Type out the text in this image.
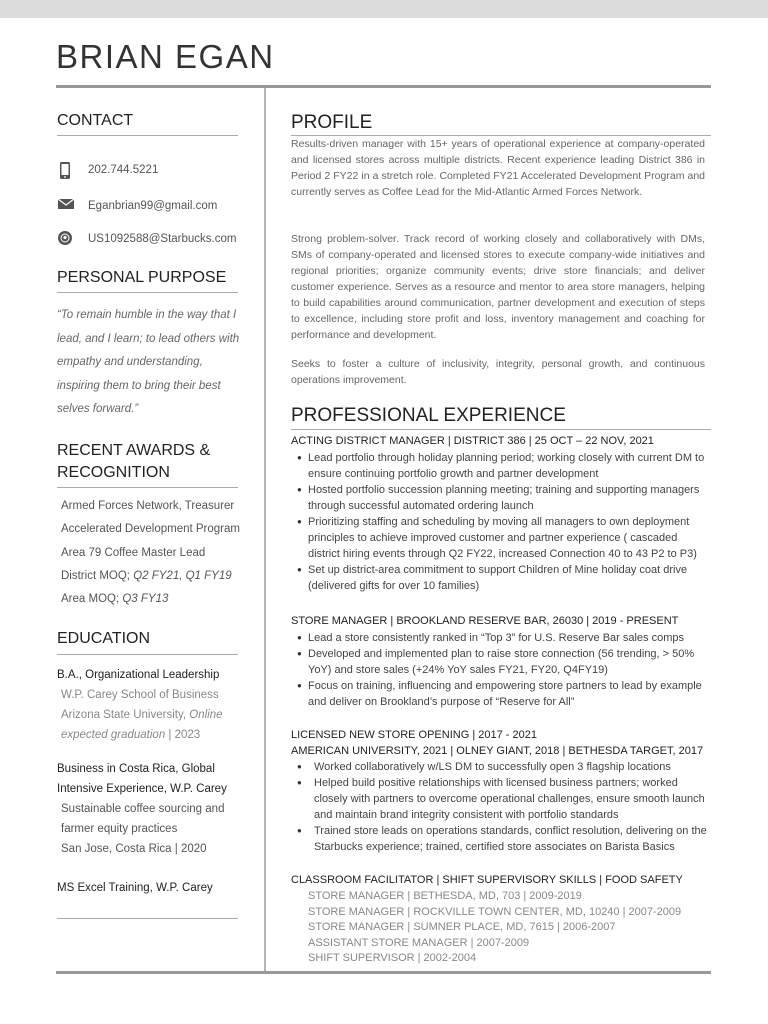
BRIAN EGAN
CONTACT
202.744.5221
Eganbrian99@gmail.com
US1092588@Starbucks.com
PERSONAL PURPOSE
“To remain humble in the way that I
lead, and I learn; to lead others with
empathy and understanding,
inspiring them to bring their best
selves forward.”
RECENT AWARDS &
RECOGNITION
Armed Forces Network, Treasurer
Accelerated Development Program
Area 79 Coffee Master Lead
District MOQ; Q2 FY21, Q1 FY19
Area MOQ; Q3 FY13
EDUCATION
B.A., Organizational Leadership
W.P. Carey School of Business
Arizona State University, Online
expected graduation | 2023
Business in Costa Rica, Global
Intensive Experience, W.P. Carey
Sustainable coffee sourcing and
farmer equity practices
San Jose, Costa Rica | 2020
MS Excel Training, W.P. Carey
PROFILE
Results-driven manager with 15+ years of operational experience at company-operated and licensed stores across multiple districts. Recent experience leading District 386 in Period 2 FY22 in a stretch role. Completed FY21 Accelerated Development Program and currently serves as Coffee Lead for the Mid-Atlantic Armed Forces Network.
Strong problem-solver. Track record of working closely and collaboratively with DMs, SMs of company-operated and licensed stores to execute company-wide initiatives and regional priorities; organize community events; drive store financials; and deliver customer experience. Serves as a resource and mentor to area store managers, helping to build capabilities around communication, partner development and execution of steps to excellence, including store profit and loss, inventory management and coaching for performance and development.
Seeks to foster a culture of inclusivity, integrity, personal growth, and continuous operations improvement.
PROFESSIONAL EXPERIENCE
ACTING DISTRICT MANAGER | DISTRICT 386 | 25 OCT – 22 NOV, 2021
● Lead portfolio through holiday planning period; working closely with current DM to ensure continuing portfolio growth and partner development
● Hosted portfolio succession planning meeting; training and supporting managers through successful automated ordering launch
● Prioritizing staffing and scheduling by moving all managers to own deployment principles to achieve improved customer and partner experience ( cascaded district hiring events through Q2 FY22, increased Connection 40 to 43 P2 to P3)
● Set up district-area commitment to support Children of Mine holiday coat drive (delivered gifts for over 10 families)
STORE MANAGER | BROOKLAND RESERVE BAR, 26030 | 2019 - PRESENT
● Lead a store consistently ranked in “Top 3” for U.S. Reserve Bar sales comps
● Developed and implemented plan to raise store connection (56 trending, > 50% YoY) and store sales (+24% YoY sales FY21, FY20, Q4FY19)
● Focus on training, influencing and empowering store partners to lead by example and deliver on Brookland’s purpose of “Reserve for All”
LICENSED NEW STORE OPENING | 2017 - 2021
AMERICAN UNIVERSITY, 2021 | OLNEY GIANT, 2018 | BETHESDA TARGET, 2017
● Worked collaboratively w/LS DM to successfully open 3 flagship locations
● Helped build positive relationships with licensed business partners; worked closely with partners to overcome operational challenges, ensure smooth launch and maintain brand integrity consistent with portfolio standards
● Trained store leads on operations standards, conflict resolution, delivering on the Starbucks experience; trained, certified store associates on Barista Basics
CLASSROOM FACILITATOR | SHIFT SUPERVISORY SKILLS | FOOD SAFETY
STORE MANAGER | BETHESDA, MD, 703 | 2009-2019
STORE MANAGER | ROCKVILLE TOWN CENTER, MD, 10240 | 2007-2009
STORE MANAGER | SUMNER PLACE, MD, 7615 | 2006-2007
ASSISTANT STORE MANAGER | 2007-2009
SHIFT SUPERVISOR | 2002-2004
